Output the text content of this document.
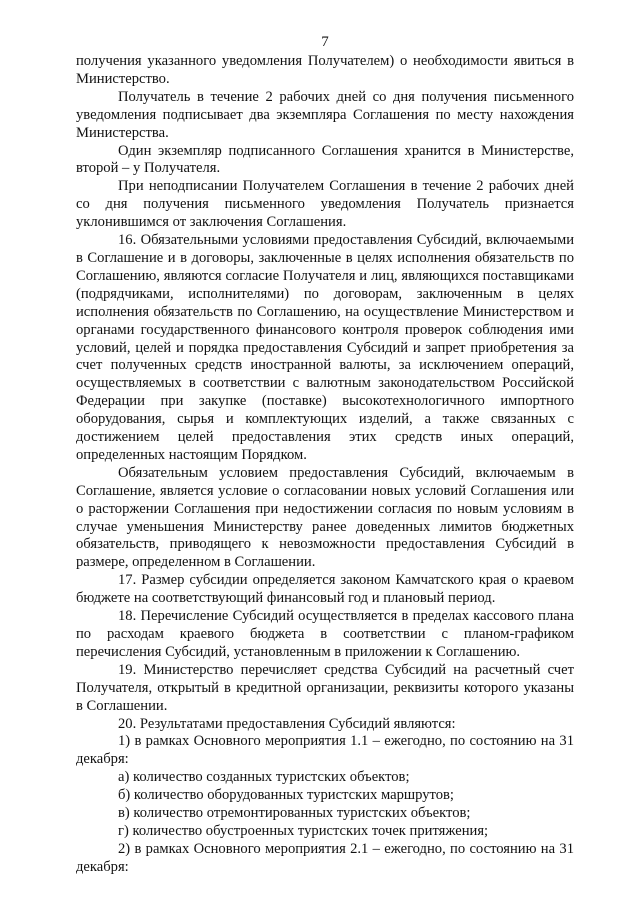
7

получения указанного уведомления Получателем) о необходимости явиться в Министерство.

Получатель в течение 2 рабочих дней со дня получения письменного уведомления подписывает два экземпляра Соглашения по месту нахождения Министерства.

Один экземпляр подписанного Соглашения хранится в Министерстве, второй – у Получателя.

При неподписании Получателем Соглашения в течение 2 рабочих дней со дня получения письменного уведомления Получатель признается уклонившимся от заключения Соглашения.

16. Обязательными условиями предоставления Субсидий, включаемыми в Соглашение и в договоры, заключенные в целях исполнения обязательств по Соглашению, являются согласие Получателя и лиц, являющихся поставщиками (подрядчиками, исполнителями) по договорам, заключенным в целях исполнения обязательств по Соглашению, на осуществление Министерством и органами государственного финансового контроля проверок соблюдения ими условий, целей и порядка предоставления Субсидий и запрет приобретения за счет полученных средств иностранной валюты, за исключением операций, осуществляемых в соответствии с валютным законодательством Российской Федерации при закупке (поставке) высокотехнологичного импортного оборудования, сырья и комплектующих изделий, а также связанных с достижением целей предоставления этих средств иных операций, определенных настоящим Порядком.

Обязательным условием предоставления Субсидий, включаемым в Соглашение, является условие о согласовании новых условий Соглашения или о расторжении Соглашения при недостижении согласия по новым условиям в случае уменьшения Министерству ранее доведенных лимитов бюджетных обязательств, приводящего к невозможности предоставления Субсидий в размере, определенном в Соглашении.

17. Размер субсидии определяется законом Камчатского края о краевом бюджете на соответствующий финансовый год и плановый период.

18. Перечисление Субсидий осуществляется в пределах кассового плана по расходам краевого бюджета в соответствии с планом-графиком перечисления Субсидий, установленным в приложении к Соглашению.

19. Министерство перечисляет средства Субсидий на расчетный счет Получателя, открытый в кредитной организации, реквизиты которого указаны в Соглашении.

20. Результатами предоставления Субсидий являются:

1) в рамках Основного мероприятия 1.1 – ежегодно, по состоянию на 31 декабря:

а) количество созданных туристских объектов;

б) количество оборудованных туристских маршрутов;

в) количество отремонтированных туристских объектов;

г) количество обустроенных туристских точек притяжения;

2) в рамках Основного мероприятия 2.1 – ежегодно, по состоянию на 31 декабря:
